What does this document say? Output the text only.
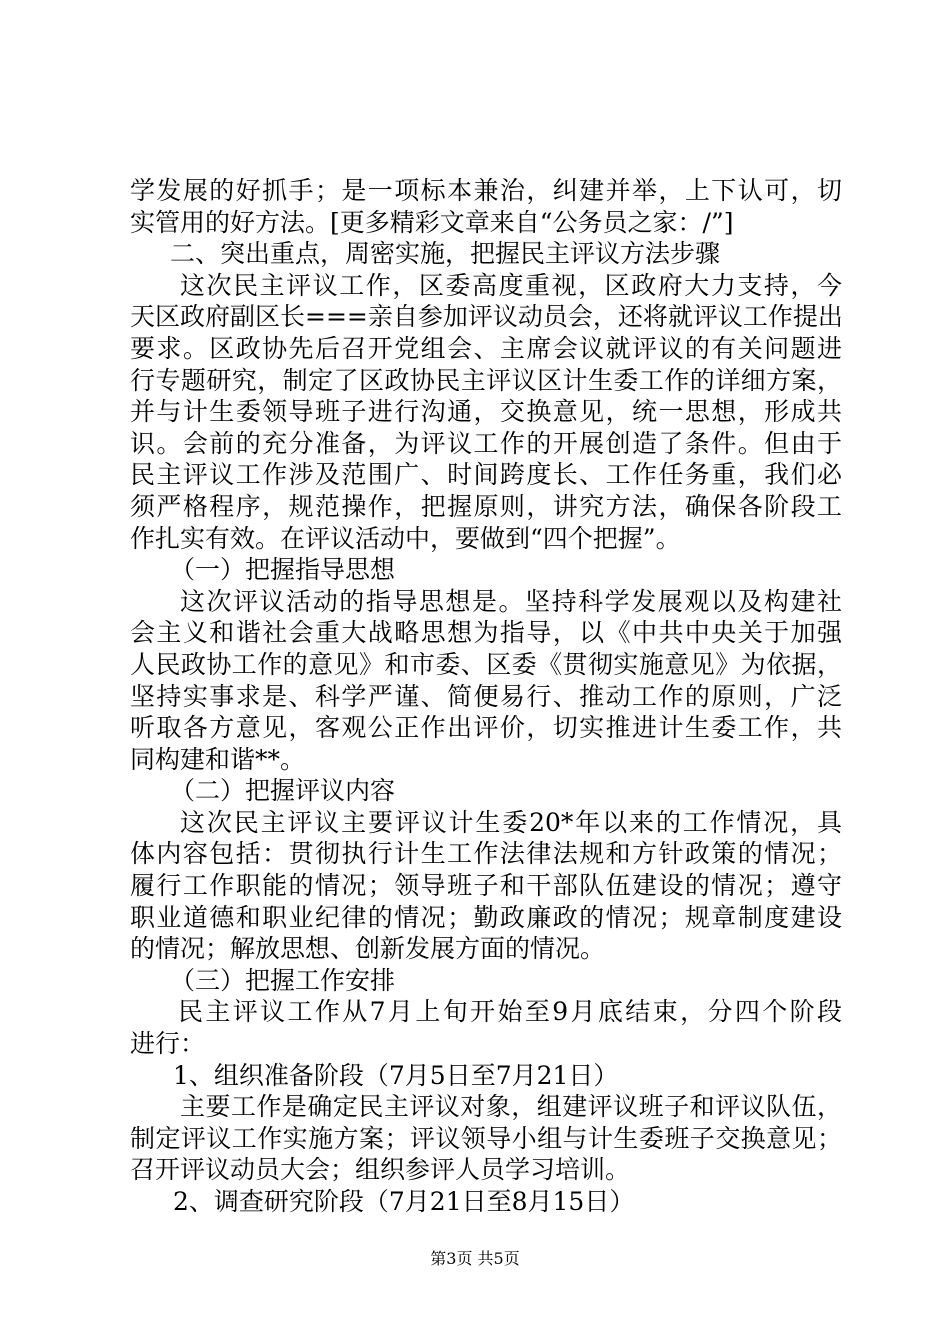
学发展的好抓手；是一项标本兼治，纠建并举，上下认可，切
实管用的好方法。[更多精彩文章来自“公务员之家：/”]
二、突出重点，周密实施，把握民主评议方法步骤
这次民主评议工作，区委高度重视，区政府大力支持，今
天区政府副区长===亲自参加评议动员会，还将就评议工作提出
要求。区政协先后召开党组会、主席会议就评议的有关问题进
行专题研究，制定了区政协民主评议区计生委工作的详细方案，
并与计生委领导班子进行沟通，交换意见，统一思想，形成共
识。会前的充分准备，为评议工作的开展创造了条件。但由于
民主评议工作涉及范围广、时间跨度长、工作任务重，我们必
须严格程序，规范操作，把握原则，讲究方法，确保各阶段工
作扎实有效。在评议活动中，要做到“四个把握”。
（一）把握指导思想
这次评议活动的指导思想是。坚持科学发展观以及构建社
会主义和谐社会重大战略思想为指导，以《中共中央关于加强
人民政协工作的意见》和市委、区委《贯彻实施意见》为依据，
坚持实事求是、科学严谨、简便易行、推动工作的原则，广泛
听取各方意见，客观公正作出评价，切实推进计生委工作，共
同构建和谐**。
（二）把握评议内容
这次民主评议主要评议计生委20*年以来的工作情况，具
体内容包括：贯彻执行计生工作法律法规和方针政策的情况；
履行工作职能的情况；领导班子和干部队伍建设的情况；遵守
职业道德和职业纪律的情况；勤政廉政的情况；规章制度建设
的情况；解放思想、创新发展方面的情况。
（三）把握工作安排
民主评议工作从7月上旬开始至9月底结束，分四个阶段
进行：
1、组织准备阶段（7月5日至7月21日）
主要工作是确定民主评议对象，组建评议班子和评议队伍，
制定评议工作实施方案；评议领导小组与计生委班子交换意见；
召开评议动员大会；组织参评人员学习培训。
2、调查研究阶段（7月21日至8月15日）
第3页 共5页
